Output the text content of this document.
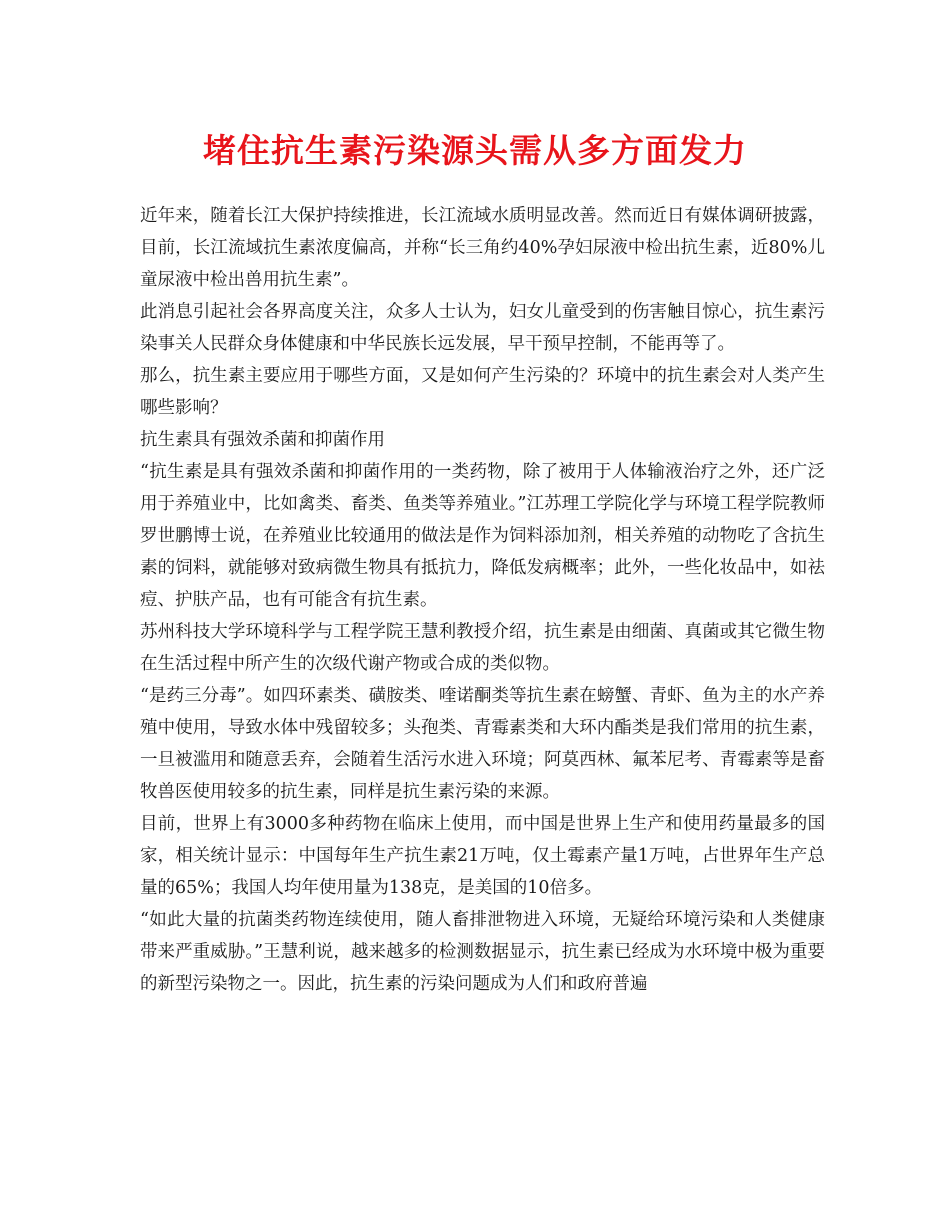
堵住抗生素污染源头需从多方面发力

近年来，随着长江大保护持续推进，长江流域水质明显改善。然而近日有媒体调研披露，目前，长江流域抗生素浓度偏高，并称“长三角约40%孕妇尿液中检出抗生素，近80%儿童尿液中检出兽用抗生素”。

此消息引起社会各界高度关注，众多人士认为，妇女儿童受到的伤害触目惊心，抗生素污染事关人民群众身体健康和中华民族长远发展，早干预早控制，不能再等了。

那么，抗生素主要应用于哪些方面，又是如何产生污染的？环境中的抗生素会对人类产生哪些影响？

抗生素具有强效杀菌和抑菌作用

“抗生素是具有强效杀菌和抑菌作用的一类药物，除了被用于人体输液治疗之外，还广泛用于养殖业中，比如禽类、畜类、鱼类等养殖业。”江苏理工学院化学与环境工程学院教师罗世鹏博士说，在养殖业比较通用的做法是作为饲料添加剂，相关养殖的动物吃了含抗生素的饲料，就能够对致病微生物具有抵抗力，降低发病概率；此外，一些化妆品中，如祛痘、护肤产品，也有可能含有抗生素。

苏州科技大学环境科学与工程学院王慧利教授介绍，抗生素是由细菌、真菌或其它微生物在生活过程中所产生的次级代谢产物或合成的类似物。

“是药三分毒”。如四环素类、磺胺类、喹诺酮类等抗生素在螃蟹、青虾、鱼为主的水产养殖中使用，导致水体中残留较多；头孢类、青霉素类和大环内酯类是我们常用的抗生素，一旦被滥用和随意丢弃，会随着生活污水进入环境；阿莫西林、氟苯尼考、青霉素等是畜牧兽医使用较多的抗生素，同样是抗生素污染的来源。

目前，世界上有3000多种药物在临床上使用，而中国是世界上生产和使用药量最多的国家，相关统计显示：中国每年生产抗生素21万吨，仅土霉素产量1万吨，占世界年生产总量的65%；我国人均年使用量为138克，是美国的10倍多。

“如此大量的抗菌类药物连续使用，随人畜排泄物进入环境，无疑给环境污染和人类健康带来严重威胁。”王慧利说，越来越多的检测数据显示，抗生素已经成为水环境中极为重要的新型污染物之一。因此，抗生素的污染问题成为人们和政府普遍
